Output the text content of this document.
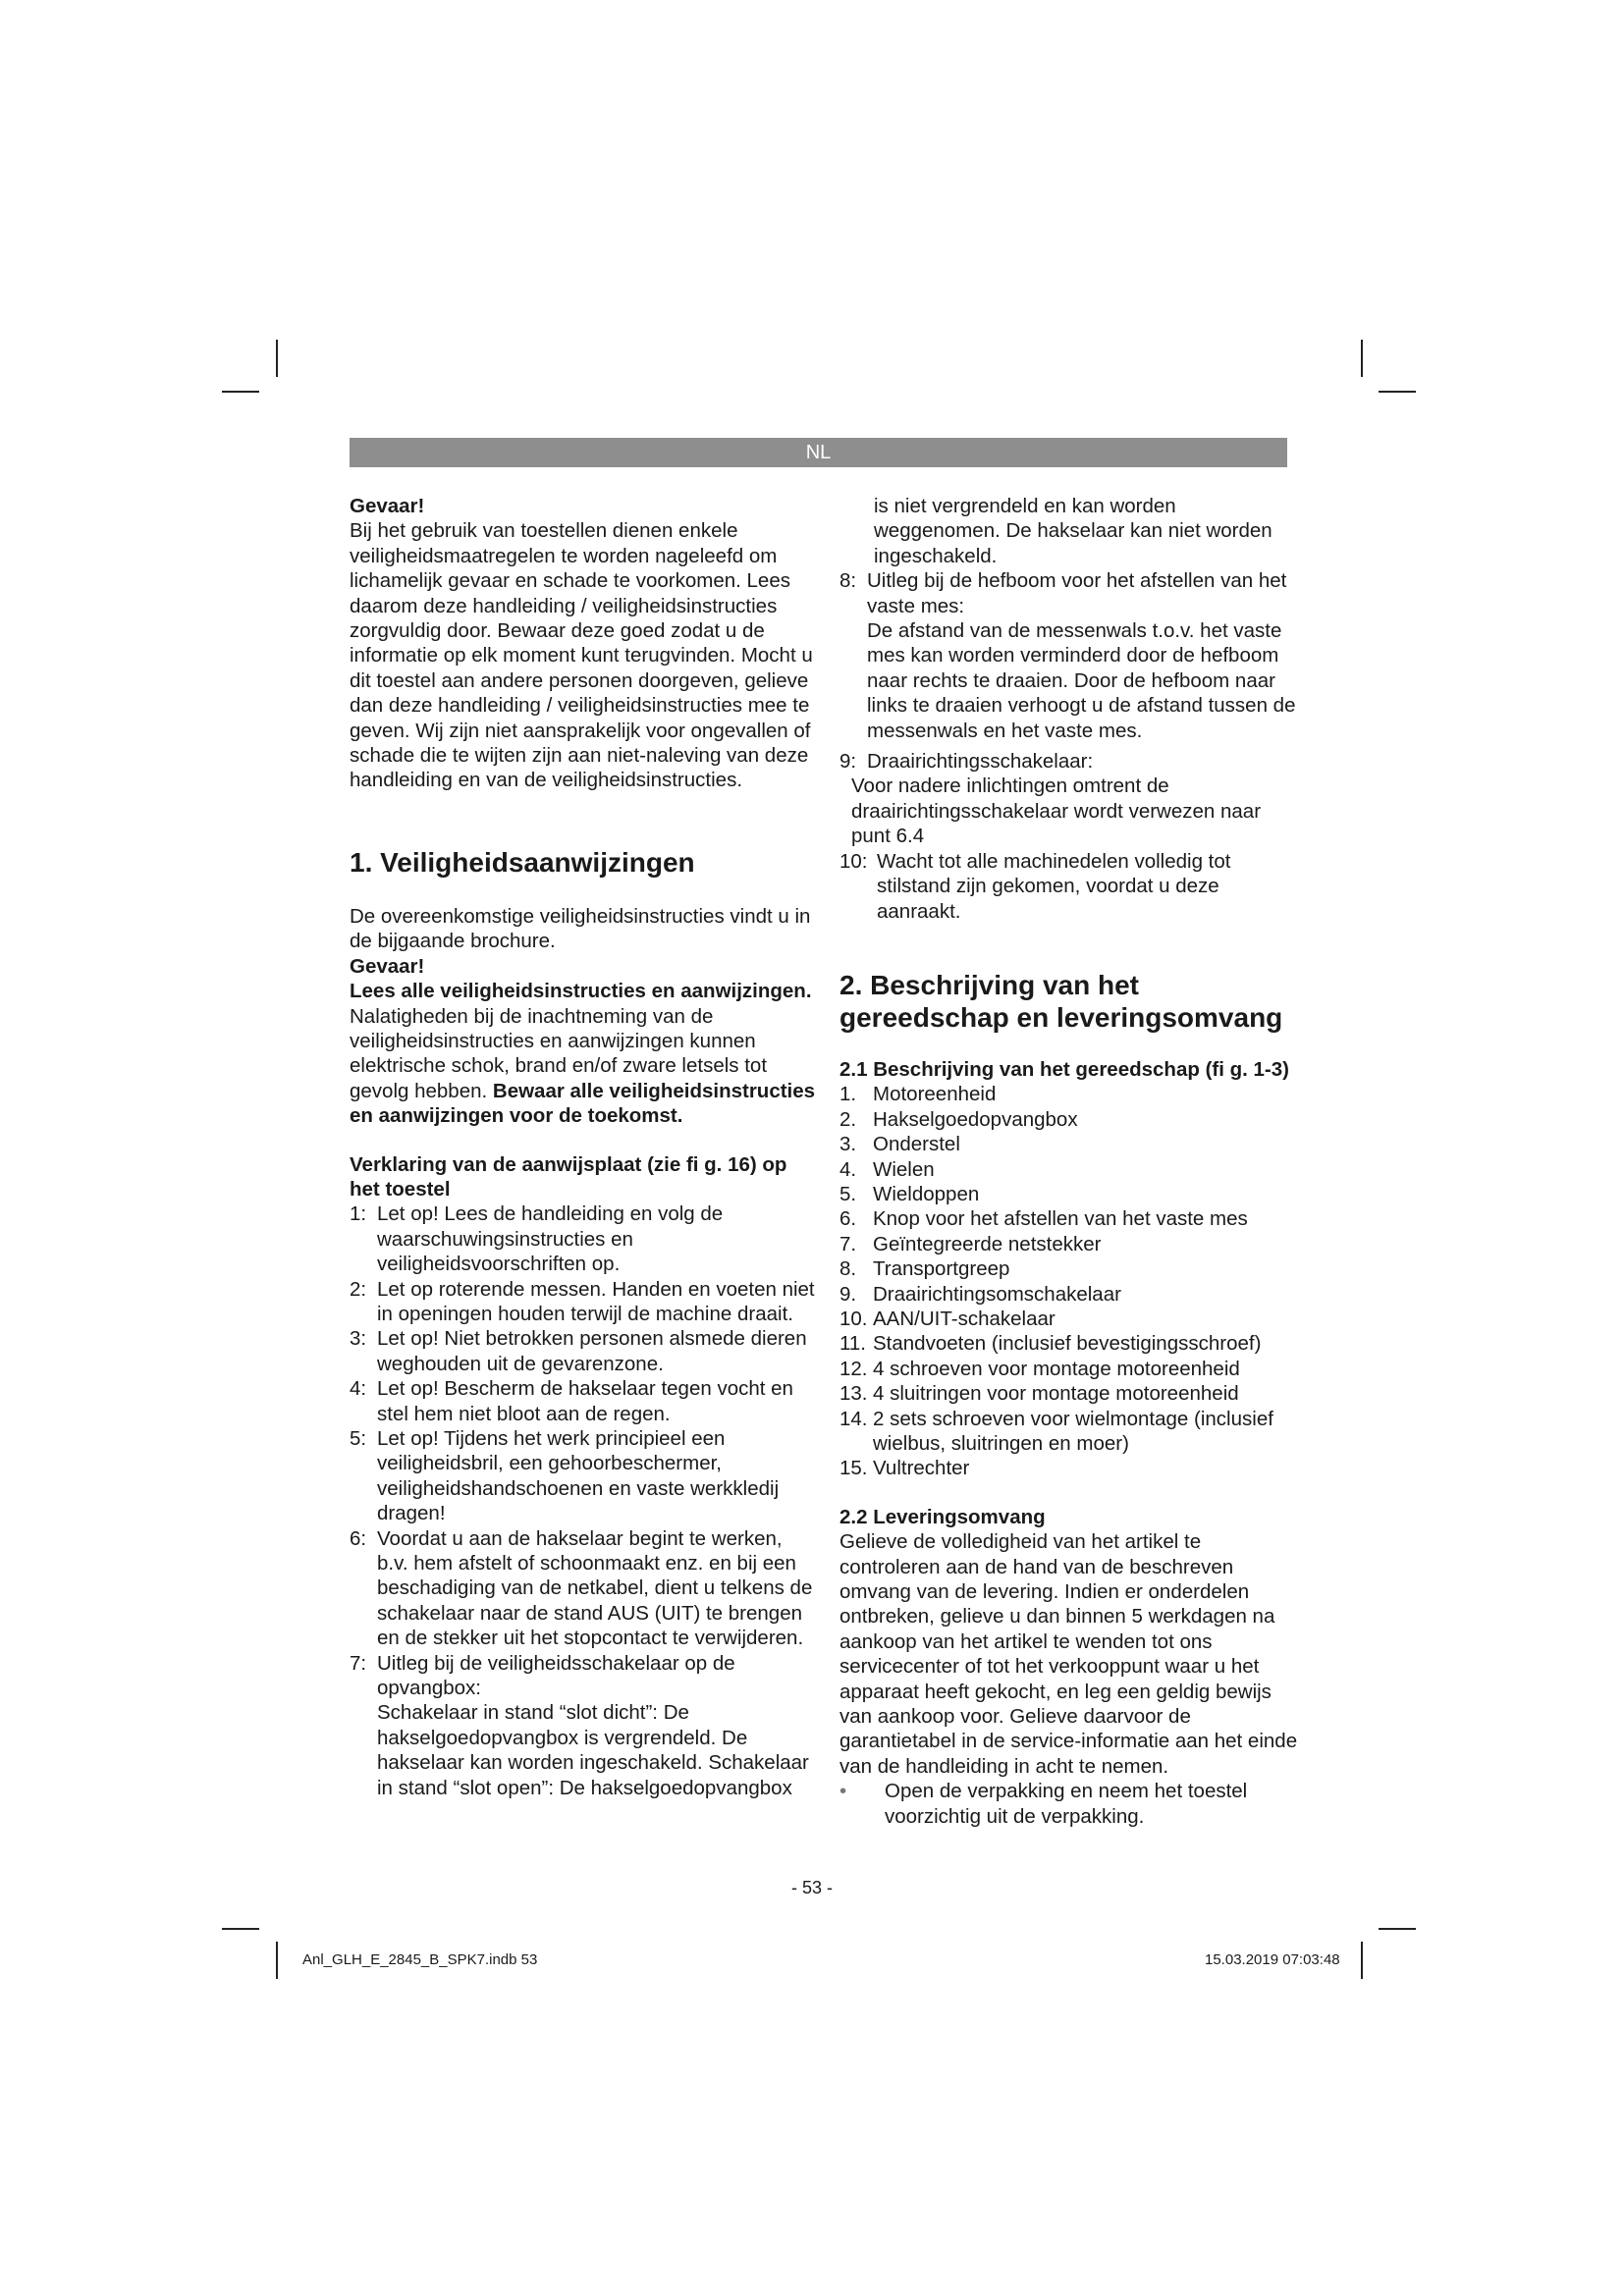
NL

Gevaar!

Bij het gebruik van toestellen dienen enkele veiligheidsmaatregelen te worden nageleefd om lichamelijk gevaar en schade te voorkomen. Lees daarom deze handleiding / veiligheidsinstructies zorgvuldig door. Bewaar deze goed zodat u de informatie op elk moment kunt terugvinden. Mocht u dit toestel aan andere personen doorgeven, gelieve dan deze handleiding / veiligheidsinstructies mee te geven. Wij zijn niet aansprakelijk voor ongevallen of schade die te wijten zijn aan niet-naleving van deze handleiding en van de veiligheidsinstructies.

1. Veiligheidsaanwijzingen

De overeenkomstige veiligheidsinstructies vindt u in de bijgaande brochure.

Gevaar!

Lees alle veiligheidsinstructies en aanwijzingen. Nalatigheden bij de inachtneming van de veiligheidsinstructies en aanwijzingen kunnen elektrische schok, brand en/of zware letsels tot gevolg hebben. Bewaar alle veiligheidsinstructies en aanwijzingen voor de toekomst.

Verklaring van de aanwijsplaat (zie fi g. 16) op het toestel

1: Let op! Lees de handleiding en volg de waarschuwingsinstructies en veiligheidsvoorschriften op.
2: Let op roterende messen. Handen en voeten niet in openingen houden terwijl de machine draait.
3: Let op! Niet betrokken personen alsmede dieren weghouden uit de gevarenzone.
4: Let op! Bescherm de hakselaar tegen vocht en stel hem niet bloot aan de regen.
5: Let op! Tijdens het werk principieel een veiligheidsbril, een gehoorbeschermer, veiligheidshandschoenen en vaste werkkledij dragen!
6: Voordat u aan de hakselaar begint te werken, b.v. hem afstelt of schoonmaakt enz. en bij een beschadiging van de netkabel, dient u telkens de schakelaar naar de stand AUS (UIT) te brengen en de stekker uit het stopcontact te verwijderen.
7: Uitleg bij de veiligheidsschakelaar op de opvangbox:
Schakelaar in stand “slot dicht”: De hakselgoedopvangbox is vergrendeld. De hakselaar kan worden ingeschakeld. Schakelaar in stand “slot open”: De hakselgoedopvangbox

is niet vergrendeld en kan worden weggenomen. De hakselaar kan niet worden ingeschakeld.

8: Uitleg bij de hefboom voor het afstellen van het vaste mes:

De afstand van de messenwals t.o.v. het vaste mes kan worden verminderd door de hefboom naar rechts te draaien. Door de hefboom naar links te draaien verhoogt u de afstand tussen de messenwals en het vaste mes.
9: Draairichtingsschakelaar:

Voor nadere inlichtingen omtrent de draairichtingsschakelaar wordt verwezen naar punt 6.4

10: Wacht tot alle machinedelen volledig tot stilstand zijn gekomen, voordat u deze aanraakt.

2. Beschrijving van het gereedschap en leveringsomvang

2.1 Beschrijving van het gereedschap (fi g. 1-3)

1. Motoreenheid
2. Hakselgoedopvangbox
3. Onderstel
4. Wielen
5. Wieldoppen
6. Knop voor het afstellen van het vaste mes
7. Geïntegreerde netstekker
8. Transportgreep
9. Draairichtingsomschakelaar
10. AAN/UIT-schakelaar
11. Standvoeten (inclusief bevestigingsschroef)
12. 4 schroeven voor montage motoreenheid
13. 4 sluitringen voor montage motoreenheid
14. 2 sets schroeven voor wielmontage (inclusief wielbus, sluitringen en moer)
15. Vultrechter

2.2 Leveringsomvang

Gelieve de volledigheid van het artikel te controleren aan de hand van de beschreven omvang van de levering. Indien er onderdelen ontbreken, gelieve u dan binnen 5 werkdagen na aankoop van het artikel te wenden tot ons servicecenter of tot het verkooppunt waar u het apparaat heeft gekocht, en leg een geldig bewijs van aankoop voor. Gelieve daarvoor de garantietabel in de service-informatie aan het einde van de handleiding in acht te nemen.

•	Open de verpakking en neem het toestel voorzichtig uit de verpakking.
- 53 -
Anl_GLH_E_2845_B_SPK7.indb 53	15.03.2019 07:03:48
